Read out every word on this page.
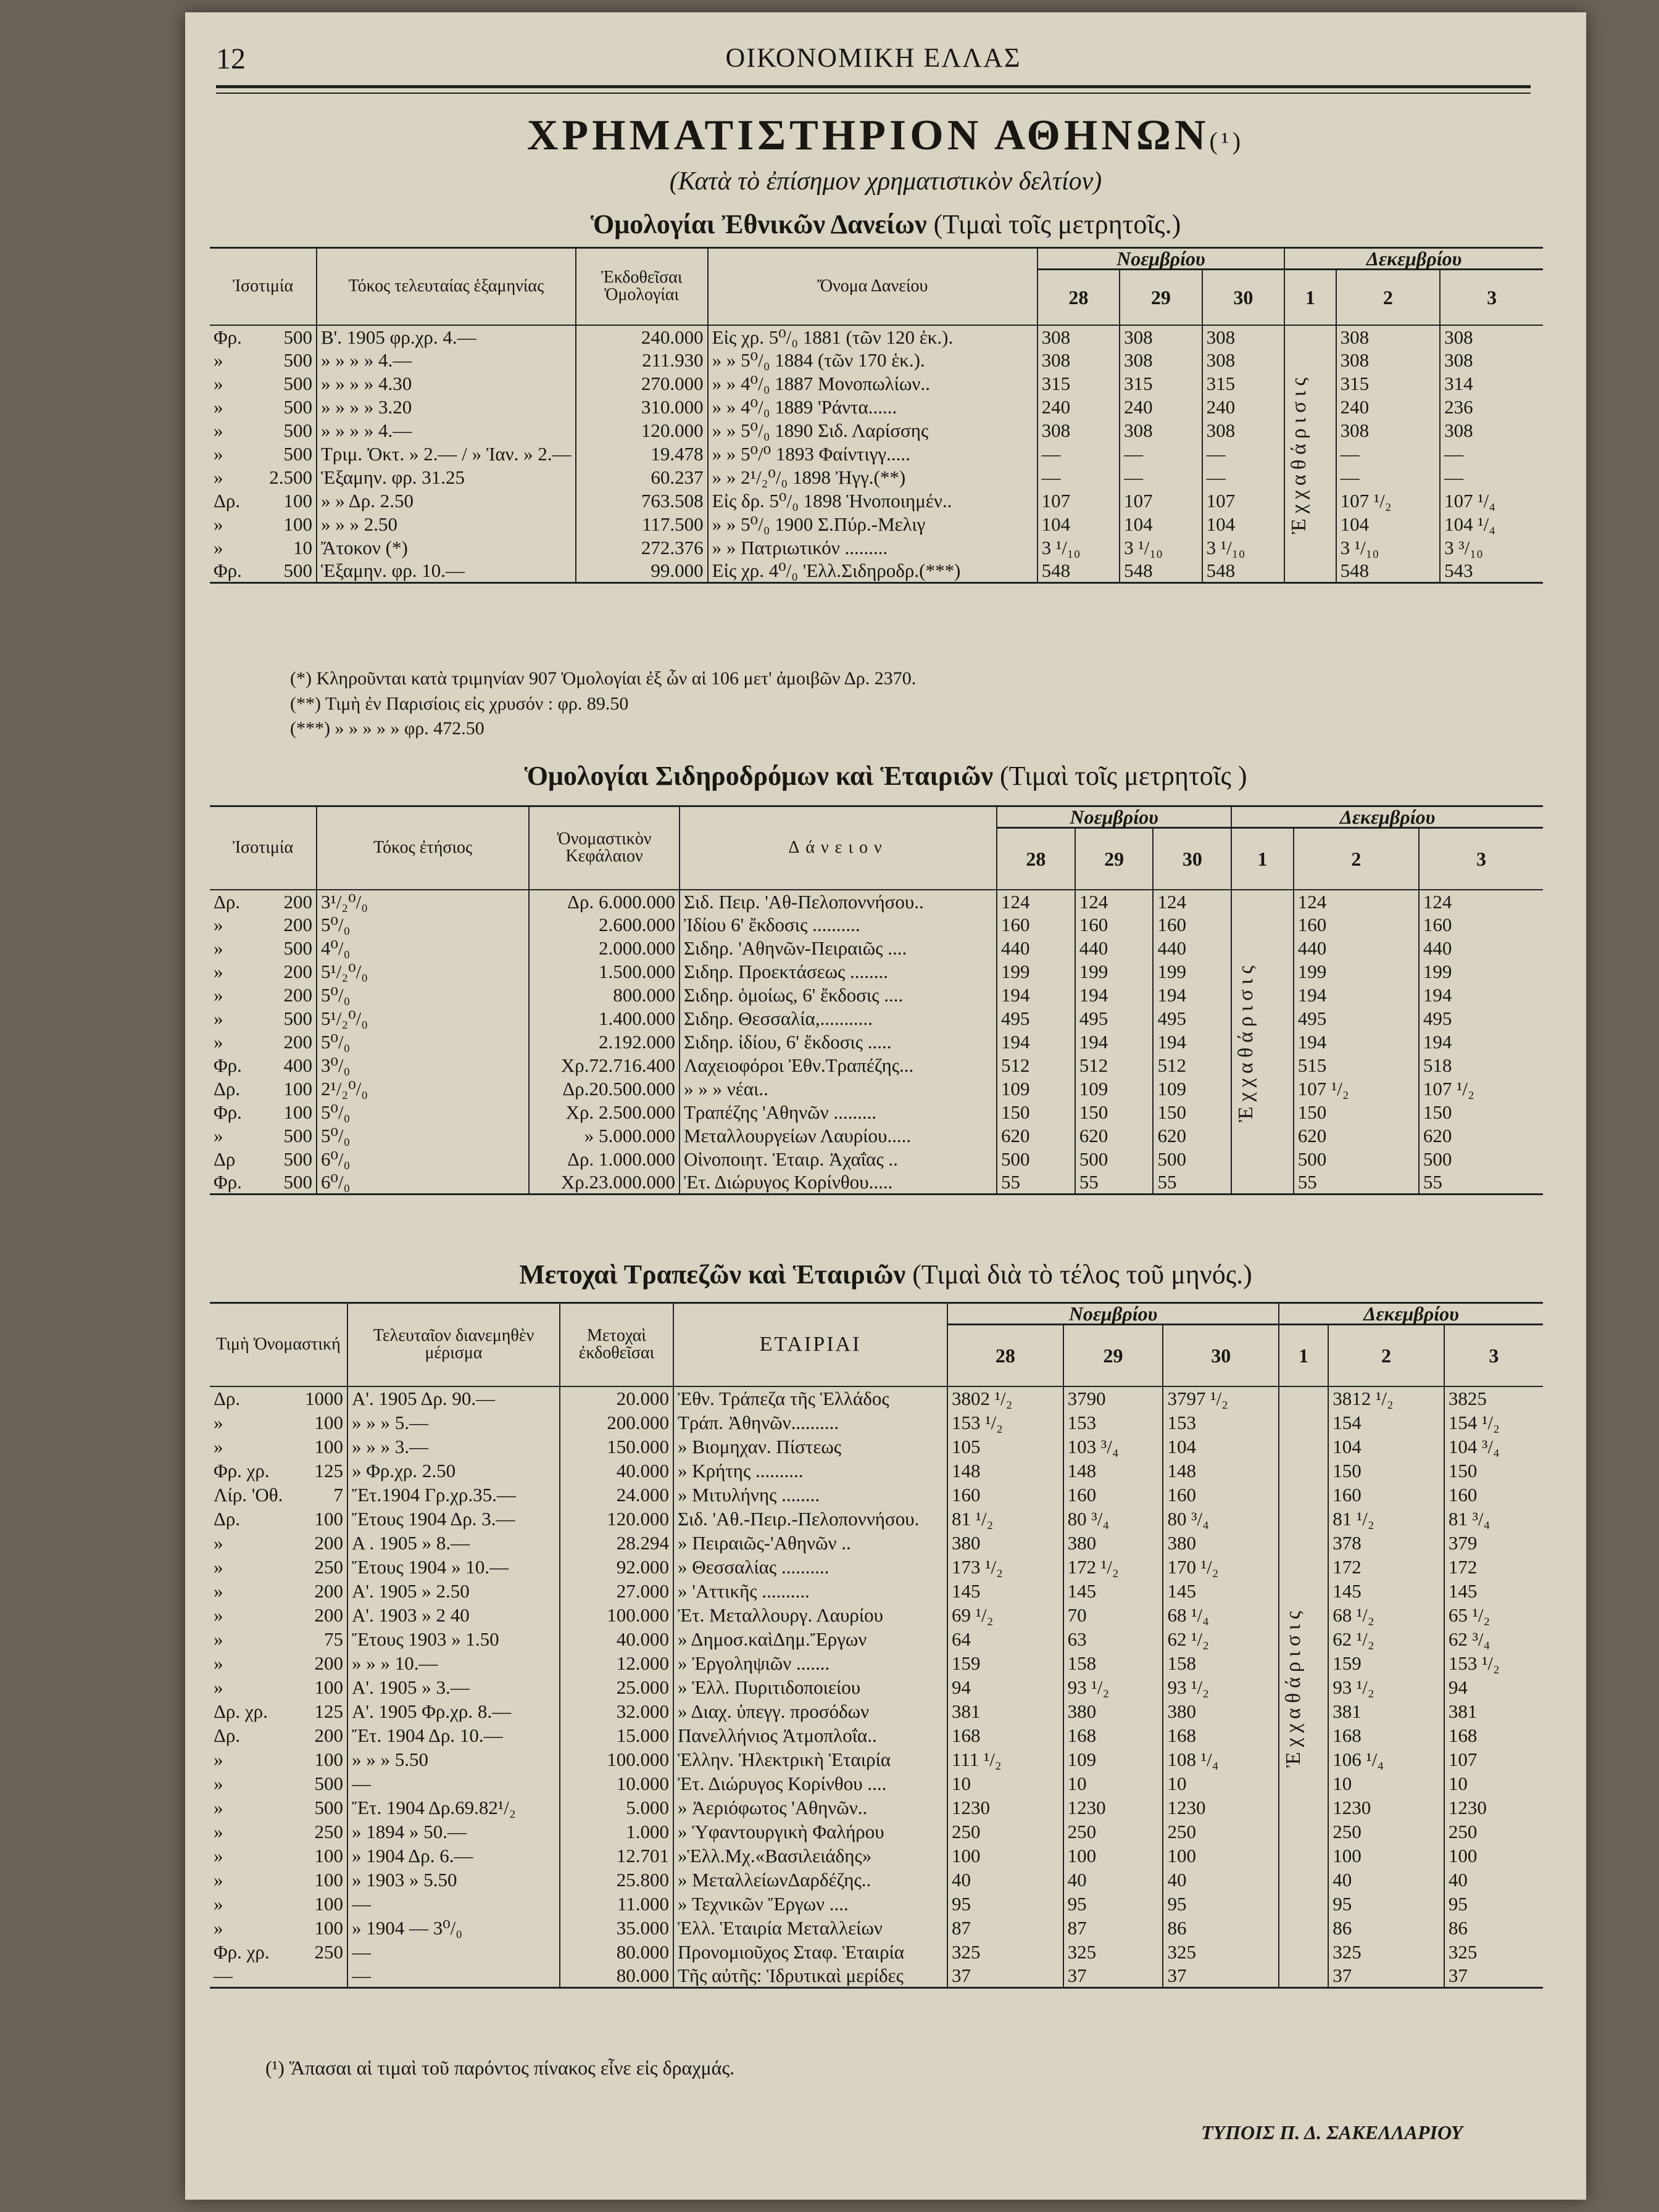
12	ΟΙΚΟΝΟΜΙΚΗ ΕΛΛΑΣ
ΧΡΗΜΑΤΙΣΤΗΡΙΟΝ ΑΘΗΝΩΝ(¹)
(Κατὰ τὸ ἐπίσημον χρηματιστικὸν δελτίον)
Ὁμολογίαι Ἐθνικῶν Δανείων (Τιμαὶ τοῖς μετρητοῖς.)
Ἰσοτιμία	Τόκος τελευταίας ἑξαμηνίας	Ἐκδοθεῖσαι Ὁμολογίαι	Ὄνομα Δανείου	Νοεμβρίου			Δεκεμβρίου		
				28	29	30	1	2	3
Φρ. 500	Β'. 1905 φρ.χρ. 4.—	240.000	Εἰς χρ. 5⁰/₀ 1881 (τῶν 120 ἑκ.).	308	308	308	Ἐχχαθάρισις	308	308
» 500	» » » » 4.—	211.930	» » 5⁰/₀ 1884 (τῶν 170 ἑκ.).	308	308	308		308	308
» 500	» » » » 4.30	270.000	» » 4⁰/₀ 1887 Μονοπωλίων..	315	315	315		315	314
» 500	» » » » 3.20	310.000	» » 4⁰/₀ 1889 'Ράντα......	240	240	240		240	236
» 500	» » » » 4.—	120.000	» » 5⁰/₀ 1890 Σιδ. Λαρίσσης	308	308	308		308	308
» 500	Τριμ. Ὀκτ. » 2.— / » Ἰαν. » 2.—	19.478	» » 5⁰/⁰ 1893 Φαίντιγγ.....	—	—	—		—	—
» 2.500	Ἑξαμην. φρ. 31.25	60.237	» » 2¹/₂⁰/₀ 1898 Ἠγγ.(**)	—	—	—		—	—
Δρ. 100	» » Δρ. 2.50	763.508	Εἰς δρ. 5⁰/₀ 1898 Ἡνοποιημέν..	107	107	107		107 ¹/₂	107 ¹/₄
» 100	» » » 2.50	117.500	» » 5⁰/₀ 1900 Σ.Πύρ.-Μελιγ	104	104	104		104	104 ¹/₄
» 10	Ἄτοκον (*)	272.376	» » Πατριωτικόν .........	3 ¹/₁₀	3 ¹/₁₀	3 ¹/₁₀		3 ¹/₁₀	3 ³/₁₀
Φρ. 500	Ἑξαμην. φρ. 10.—	99.000	Εἰς χρ. 4⁰/₀ 'Ελλ.Σιδηροδρ.(***)	548	548	548		548	543
(*) Κληροῦνται κατὰ τριμηνίαν 907 Ὁμολογίαι ἐξ ὧν αἱ 106 μετ' ἀμοιβῶν Δρ. 2370.
(**) Τιμὴ ἐν Παρισίοις εἰς χρυσόν : φρ. 89.50
(***) » » » » » φρ. 472.50
Ὁμολογίαι Σιδηροδρόμων καὶ Ἑταιριῶν (Τιμαὶ τοῖς μετρητοῖς )
Ἰσοτιμία	Τόκος ἐτήσιος	Ὀνομαστικὸν Κεφάλαιον	Δάνειον	Νοεμβρίου			Δεκεμβρίου		
				28	29	30	1	2	3
Δρ. 200	3¹/₂⁰/₀	Δρ. 6.000.000	Σιδ. Πειρ. 'Αθ-Πελοποννήσου..	124	124	124	Ἐχχαθάρισις	124	124
» 200	5⁰/₀	2.600.000	Ἰδίου 6' ἔκδοσις ..........	160	160	160		160	160
» 500	4⁰/₀	2.000.000	Σιδηρ. 'Αθηνῶν-Πειραιῶς ....	440	440	440		440	440
» 200	5¹/₂⁰/₀	1.500.000	Σιδηρ. Προεκτάσεως ........	199	199	199		199	199
» 200	5⁰/₀	800.000	Σιδηρ. ὁμοίως, 6' ἔκδοσις ....	194	194	194		194	194
» 500	5¹/₂⁰/₀	1.400.000	Σιδηρ. Θεσσαλία,...........	495	495	495		495	495
» 200	5⁰/₀	2.192.000	Σιδηρ. ἰδίου, 6' ἔκδοσις .....	194	194	194		194	194
Φρ. 400	3⁰/₀	Χρ.72.716.400	Λαχειοφόροι Ἐθν.Τραπέζης...	512	512	512		515	518
Δρ. 100	2¹/₂⁰/₀	Δρ.20.500.000	» » » νέαι..	109	109	109		107 ¹/₂	107 ¹/₂
Φρ. 100	5⁰/₀	Χρ. 2.500.000	Τραπέζης 'Αθηνῶν .........	150	150	150		150	150
» 500	5⁰/₀	» 5.000.000	Μεταλλουργείων Λαυρίου.....	620	620	620		620	620
Δρ 500	6⁰/₀	Δρ. 1.000.000	Οἰνοποιητ. Ἑταιρ. Ἀχαΐας ..	500	500	500		500	500
Φρ. 500	6⁰/₀	Χρ.23.000.000	Ἐτ. Διώρυγος Κορίνθου.....	55	55	55		55	55
Μετοχαὶ Τραπεζῶν καὶ Ἑταιριῶν (Τιμαὶ διὰ τὸ τέλος τοῦ μηνός.)
Τιμὴ Ὀνομαστική	Τελευταῖον διανεμηθὲν μέρισμα	Μετοχαὶ ἐκδοθεῖσαι	ΕΤΑΙΡΙΑΙ	Νοεμβρίου			Δεκεμβρίου		
				28	29	30	1	2	3
Δρ. 1000	Α'. 1905 Δρ. 90.—	20.000	Ἐθν. Τράπεζα τῆς Ἑλλάδος	3802 ¹/₂	3790	3797 ¹/₂	Ἐχχαθάρισις	3812 ¹/₂	3825
» 100	» » » 5.—	200.000	Τράπ. Ἀθηνῶν..........	153 ¹/₂	153	153		154	154 ¹/₂
» 100	» » » 3.—	150.000	» Βιομηχαν. Πίστεως	105	103 ³/₄	104		104	104 ³/₄
Φρ. χρ. 125	» Φρ.χρ. 2.50	40.000	» Κρήτης ..........	148	148	148		150	150
Λίρ. 'Οθ. 7	Ἔτ.1904 Γρ.χρ.35.—	24.000	» Μιτυλήνης ........	160	160	160		160	160
Δρ. 100	Ἔτους 1904 Δρ. 3.—	120.000	Σιδ. 'Αθ.-Πειρ.-Πελοποννήσου.	81 ¹/₂	80 ³/₄	80 ³/₄		81 ¹/₂	81 ³/₄
» 200	Α . 1905 » 8.—	28.294	» Πειραιῶς-'Αθηνῶν ..	380	380	380		378	379
» 250	Ἔτους 1904 » 10.—	92.000	» Θεσσαλίας ..........	173 ¹/₂	172 ¹/₂	170 ¹/₂		172	172
» 200	Α'. 1905 » 2.50	27.000	» 'Αττικῆς ..........	145	145	145		145	145
» 200	Α'. 1903 » 2 40	100.000	Ἐτ. Μεταλλουργ. Λαυρίου	69 ¹/₂	70	68 ¹/₄		68 ¹/₂	65 ¹/₂
» 75	Ἔτους 1903 » 1.50	40.000	» Δημοσ.καὶΔημ.Ἔργων	64	63	62 ¹/₂		62 ¹/₂	62 ³/₄
» 200	» » » 10.—	12.000	» Ἐργοληψιῶν .......	159	158	158		159	153 ¹/₂
» 100	Α'. 1905 » 3.—	25.000	» Ἑλλ. Πυριτιδοποιείου	94	93 ¹/₂	93 ¹/₂		93 ¹/₂	94
Δρ. χρ. 125	Α'. 1905 Φρ.χρ. 8.—	32.000	» Διαχ. ὑπεγγ. προσόδων	381	380	380		381	381
Δρ. 200	Ἔτ. 1904 Δρ. 10.—	15.000	Πανελλήνιος Ἀτμοπλοΐα..	168	168	168		168	168
» 100	» » » 5.50	100.000	Ἑλλην. Ἠλεκτρικὴ Ἑταιρία	111 ¹/₂	109	108 ¹/₄		106 ¹/₄	107
» 500	—	10.000	Ἐτ. Διώρυγος Κορίνθου ....	10	10	10		10	10
» 500	Ἔτ. 1904 Δρ.69.82¹/₂	5.000	» Ἀεριόφωτος 'Αθηνῶν..	1230	1230	1230		1230	1230
» 250	» 1894 » 50.—	1.000	» Ὑφαντουργικὴ Φαλήρου	250	250	250		250	250
» 100	» 1904 Δρ. 6.—	12.701	»Ἑλλ.Μχ.«Βασιλειάδης»	100	100	100		100	100
» 100	» 1903 » 5.50	25.800	» ΜεταλλείωνΔαρδέζης..	40	40	40		40	40
» 100	—	11.000	» Τεχνικῶν Ἔργων ....	95	95	95		95	95
» 100	» 1904 — 3⁰/₀	35.000	Ἑλλ. Ἑταιρία Μεταλλείων	87	87	86		86	86
Φρ. χρ. 250	—	80.000	Προνομιοῦχος Σταφ. Ἑταιρία	325	325	325		325	325
—	—	80.000	Τῆς αὐτῆς: Ἱδρυτικαὶ μερίδες	37	37	37		37	37
(¹) Ἅπασαι αἱ τιμαὶ τοῦ παρόντος πίνακος εἶνε εἰς δραχμάς.
ΤΥΠΟΙΣ Π. Δ. ΣΑΚΕΛΛΑΡΙΟΥ
